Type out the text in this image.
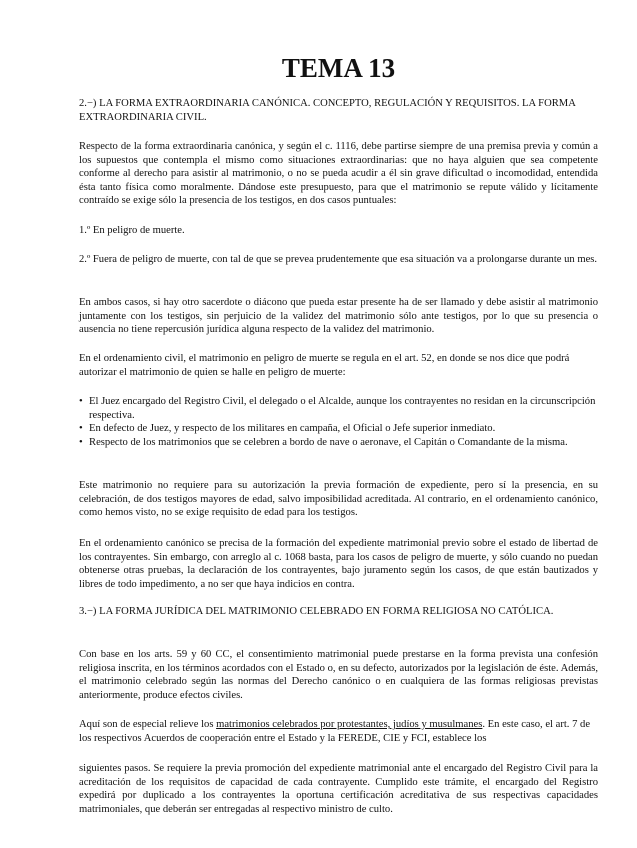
TEMA 13

2.−) LA FORMA EXTRAORDINARIA CANÓNICA. CONCEPTO, REGULACIÓN Y REQUISITOS. LA FORMA EXTRAORDINARIA CIVIL.

Respecto de la forma extraordinaria canónica, y según el c. 1116, debe partirse siempre de una premisa previa y común a los supuestos que contempla el mismo como situaciones extraordinarias: que no haya alguien que sea competente conforme al derecho para asistir al matrimonio, o no se pueda acudir a él sin grave dificultad o incomodidad, entendida ésta tanto física como moralmente. Dándose este presupuesto, para que el matrimonio se repute válido y lícitamente contraído se exige sólo la presencia de los testigos, en dos casos puntuales:

1.º En peligro de muerte.

2.º Fuera de peligro de muerte, con tal de que se prevea prudentemente que esa situación va a prolongarse durante un mes.

En ambos casos, si hay otro sacerdote o diácono que pueda estar presente ha de ser llamado y debe asistir al matrimonio juntamente con los testigos, sin perjuicio de la validez del matrimonio sólo ante testigos, por lo que su presencia o ausencia no tiene repercusión jurídica alguna respecto de la validez del matrimonio.

En el ordenamiento civil, el matrimonio en peligro de muerte se regula en el art. 52, en donde se nos dice que podrá autorizar el matrimonio de quien se halle en peligro de muerte:

• El Juez encargado del Registro Civil, el delegado o el Alcalde, aunque los contrayentes no residan en la circunscripción respectiva.
• En defecto de Juez, y respecto de los militares en campaña, el Oficial o Jefe superior inmediato.
• Respecto de los matrimonios que se celebren a bordo de nave o aeronave, el Capitán o Comandante de la misma.

Este matrimonio no requiere para su autorización la previa formación de expediente, pero sí la presencia, en su celebración, de dos testigos mayores de edad, salvo imposibilidad acreditada. Al contrario, en el ordenamiento canónico, como hemos visto, no se exige requisito de edad para los testigos.

En el ordenamiento canónico se precisa de la formación del expediente matrimonial previo sobre el estado de libertad de los contrayentes. Sin embargo, con arreglo al c. 1068 basta, para los casos de peligro de muerte, y sólo cuando no puedan obtenerse otras pruebas, la declaración de los contrayentes, bajo juramento según los casos, de que están bautizados y libres de todo impedimento, a no ser que haya indicios en contra.

3.−) LA FORMA JURÍDICA DEL MATRIMONIO CELEBRADO EN FORMA RELIGIOSA NO CATÓLICA.

Con base en los arts. 59 y 60 CC, el consentimiento matrimonial puede prestarse en la forma prevista una confesión religiosa inscrita, en los términos acordados con el Estado o, en su defecto, autorizados por la legislación de éste. Además, el matrimonio celebrado según las normas del Derecho canónico o en cualquiera de las formas religiosas previstas anteriormente, produce efectos civiles.

Aquí son de especial relieve los matrimonios celebrados por protestantes, judíos y musulmanes. En este caso, el art. 7 de los respectivos Acuerdos de cooperación entre el Estado y la FEREDE, CIE y FCI, establece los

siguientes pasos. Se requiere la previa promoción del expediente matrimonial ante el encargado del Registro Civil para la acreditación de los requisitos de capacidad de cada contrayente. Cumplido este trámite, el encargado del Registro expedirá por duplicado a los contrayentes la oportuna certificación acreditativa de sus respectivas capacidades matrimoniales, que deberán ser entregadas al respectivo ministro de culto.
